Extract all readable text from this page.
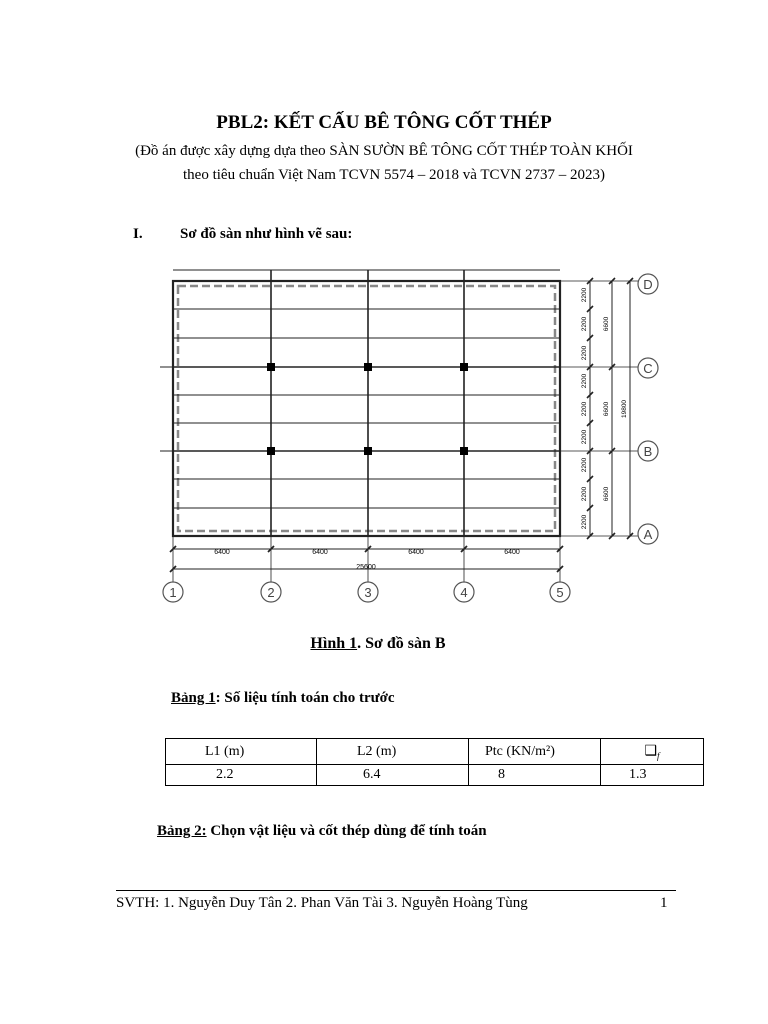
PBL2: KẾT CẤU BÊ TÔNG CỐT THÉP
(Đồ án được xây dựng dựa theo SÀN SƯỜN BÊ TÔNG CỐT THÉP TOÀN KHỐI
theo tiêu chuẩn Việt Nam TCVN 5574 – 2018 và TCVN 2737 – 2023)
I. Sơ đồ sàn như hình vẽ sau:
6400	6400	6400	6400
25600
2200
2200
2200
2200
2200
2200
2200
2200
2200
6600
6600
6600
19800
1	2	3	4	5
D
C
B
A
Hình 1. Sơ đồ sàn B
Bảng 1: Số liệu tính toán cho trước
L1 (m)	L2 (m)	Ptc (KN/m²)	$❑_f$
2.2	6.4	8	1.3
Bảng 2: Chọn vật liệu và cốt thép dùng để tính toán
SVTH: 1. Nguyễn Duy Tân 2. Phan Văn Tài 3. Nguyễn Hoàng Tùng	1
